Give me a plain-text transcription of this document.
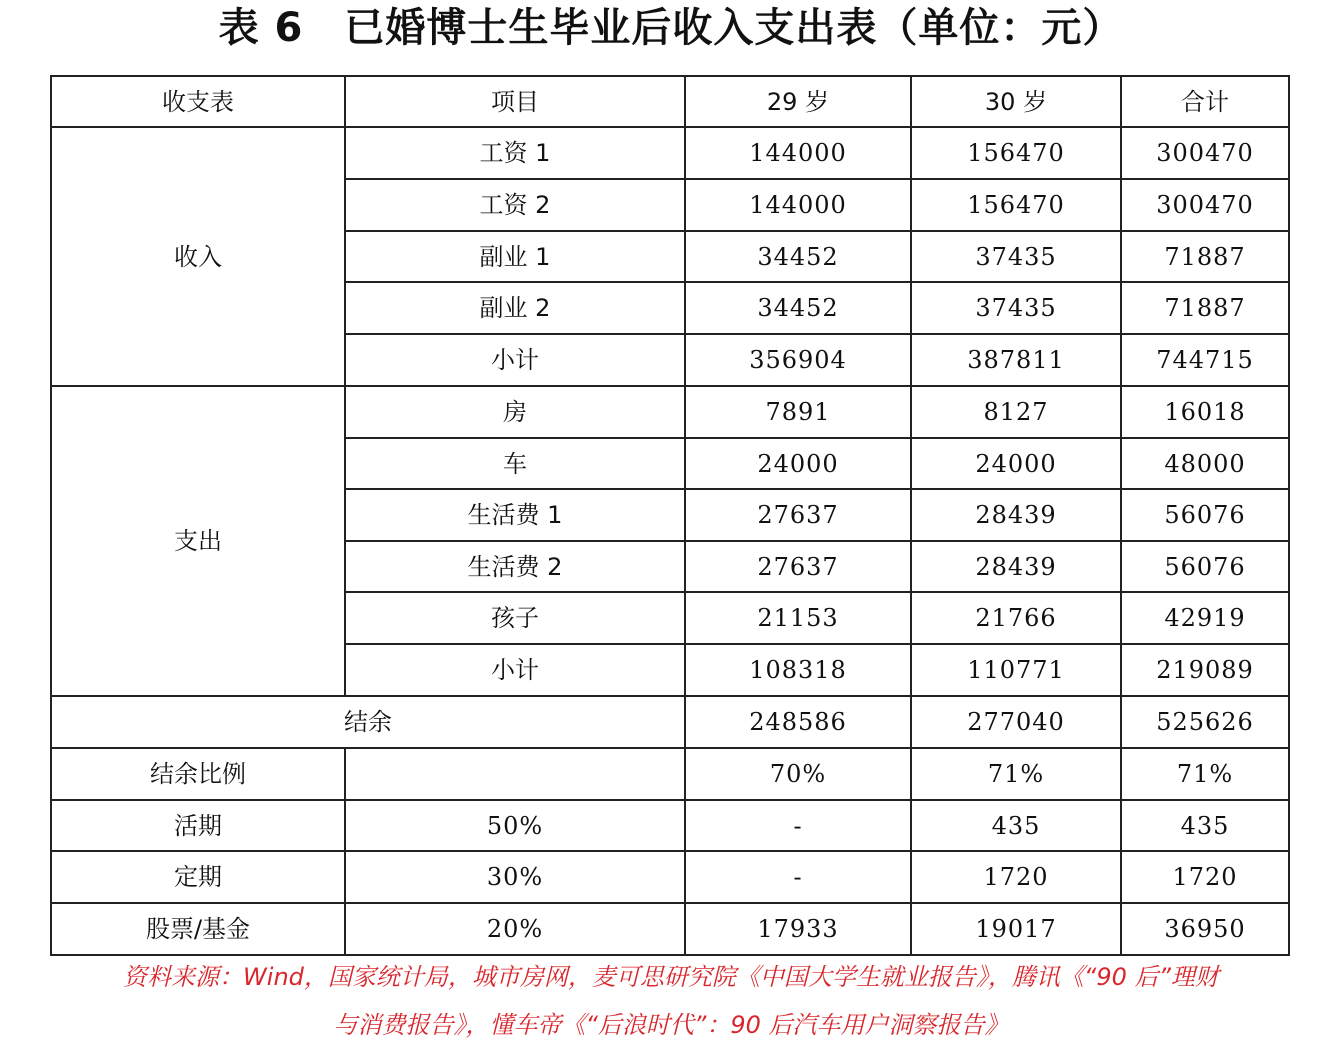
表 6　已婚博士生毕业后收入支出表（单位：元）
收支表	项目	29 岁	30 岁	合计
收入	工资 1	144000	156470	300470
	工资 2	144000	156470	300470
	副业 1	34452	37435	71887
	副业 2	34452	37435	71887
	小计	356904	387811	744715
支出	房	7891	8127	16018
	车	24000	24000	48000
	生活费 1	27637	28439	56076
	生活费 2	27637	28439	56076
	孩子	21153	21766	42919
	小计	108318	110771	219089
结余		248586	277040	525626
结余比例		70%	71%	71%
活期	50%	-	435	435
定期	30%	-	1720	1720
股票/基金	20%	17933	19017	36950
资料来源：Wind，国家统计局，城市房网，麦可思研究院《中国大学生就业报告》，腾讯《“90 后”理财
与消费报告》，懂车帝《“后浪时代”：90 后汽车用户洞察报告》
